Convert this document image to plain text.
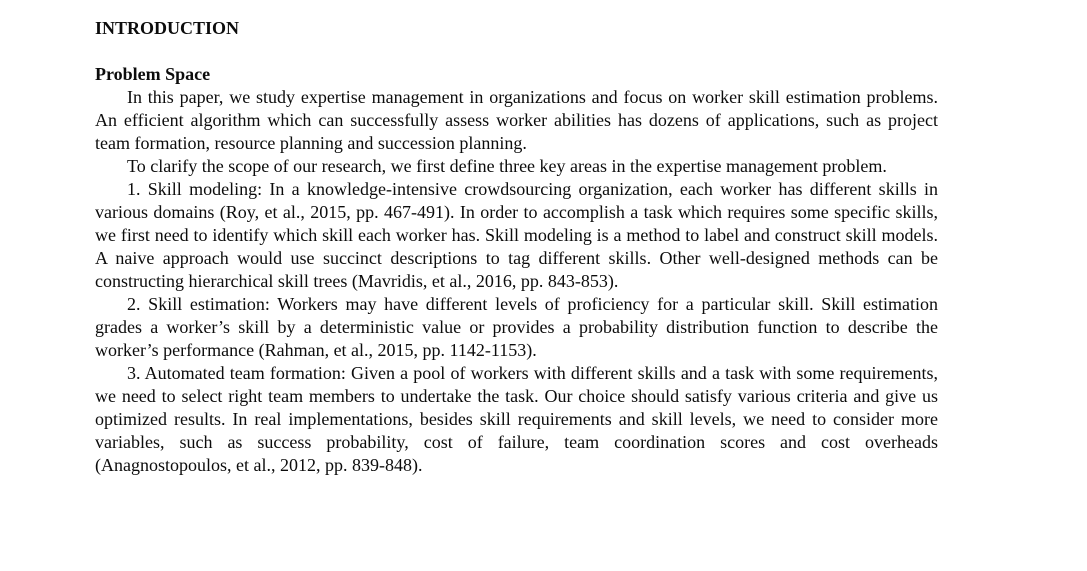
INTRODUCTION
Problem Space

In this paper, we study expertise management in organizations and focus on worker skill estimation problems. An efficient algorithm which can successfully assess worker abilities has dozens of applications, such as project team formation, resource planning and succession planning.

To clarify the scope of our research, we first define three key areas in the expertise management problem.

1. Skill modeling: In a knowledge-intensive crowdsourcing organization, each worker has different skills in various domains (Roy, et al., 2015, pp. 467-491). In order to accomplish a task which requires some specific skills, we first need to identify which skill each worker has. Skill modeling is a method to label and construct skill models. A naive approach would use succinct descriptions to tag different skills. Other well-designed methods can be constructing hierarchical skill trees (Mavridis, et al., 2016, pp. 843-853).

2. Skill estimation: Workers may have different levels of proficiency for a particular skill. Skill estimation grades a worker’s skill by a deterministic value or provides a probability distribution function to describe the worker’s performance (Rahman, et al., 2015, pp. 1142-1153).

3. Automated team formation: Given a pool of workers with different skills and a task with some requirements, we need to select right team members to undertake the task. Our choice should satisfy various criteria and give us optimized results. In real implementations, besides skill requirements and skill levels, we need to consider more variables, such as success probability, cost of failure, team coordination scores and cost overheads (Anagnostopoulos, et al., 2012, pp. 839-848).
